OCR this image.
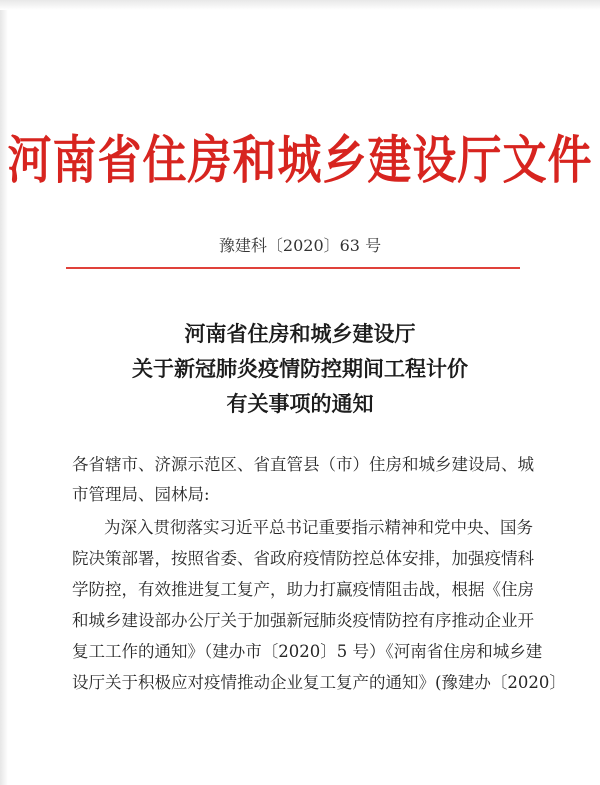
河南省住房和城乡建设厅文件
豫建科〔2020〕63 号
河南省住房和城乡建设厅
关于新冠肺炎疫情防控期间工程计价
有关事项的通知
各省辖市、济源示范区、省直管县（市）住房和城乡建设局、城
市管理局、园林局:
为深入贯彻落实习近平总书记重要指示精神和党中央、国务
院决策部署，按照省委、省政府疫情防控总体安排，加强疫情科
学防控，有效推进复工复产，助力打赢疫情阻击战，根据《住房
和城乡建设部办公厅关于加强新冠肺炎疫情防控有序推动企业开
复工工作的通知》（建办市〔2020〕5 号）《河南省住房和城乡建
设厅关于积极应对疫情推动企业复工复产的通知》(豫建办〔2020〕
